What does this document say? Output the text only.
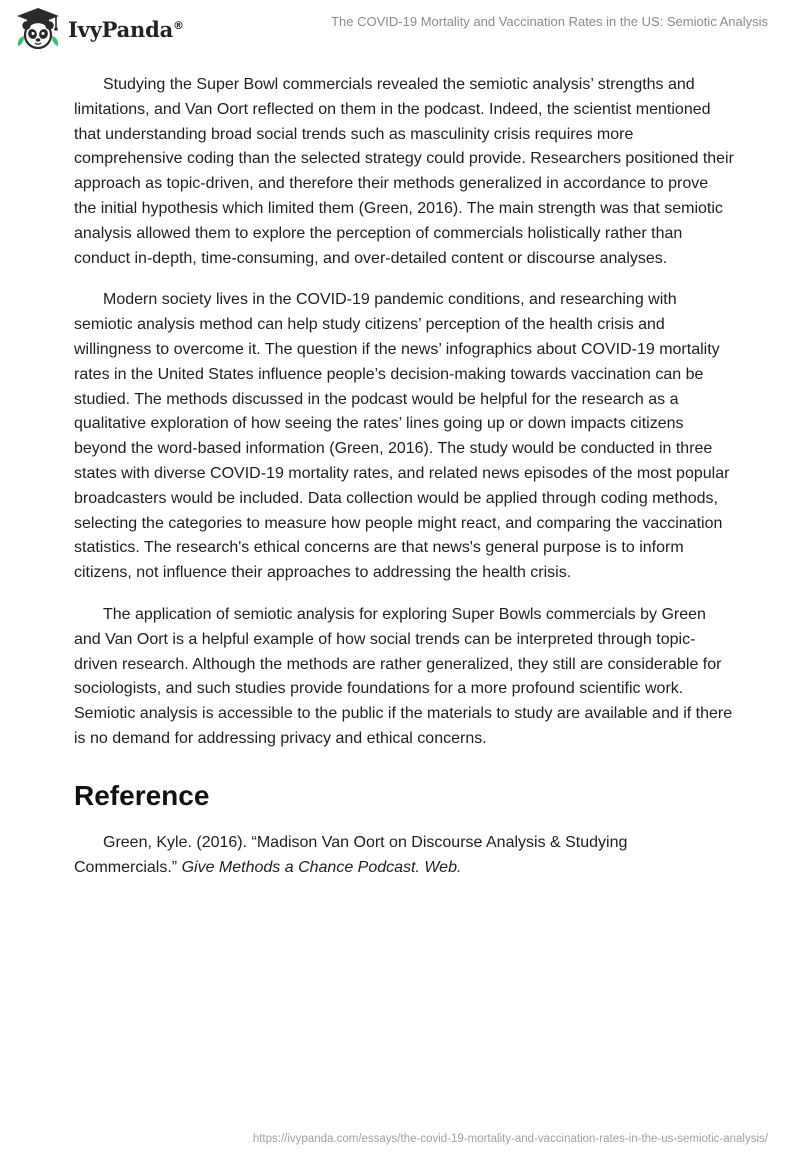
IvyPanda®	The COVID-19 Mortality and Vaccination Rates in the US: Semiotic Analysis

Studying the Super Bowl commercials revealed the semiotic analysis’ strengths and limitations, and Van Oort reflected on them in the podcast. Indeed, the scientist mentioned that understanding broad social trends such as masculinity crisis requires more comprehensive coding than the selected strategy could provide. Researchers positioned their approach as topic-driven, and therefore their methods generalized in accordance to prove the initial hypothesis which limited them (Green, 2016). The main strength was that semiotic analysis allowed them to explore the perception of commercials holistically rather than conduct in-depth, time-consuming, and over-detailed content or discourse analyses.

Modern society lives in the COVID-19 pandemic conditions, and researching with semiotic analysis method can help study citizens’ perception of the health crisis and willingness to overcome it. The question if the news’ infographics about COVID-19 mortality rates in the United States influence people’s decision-making towards vaccination can be studied. The methods discussed in the podcast would be helpful for the research as a qualitative exploration of how seeing the rates’ lines going up or down impacts citizens beyond the word-based information (Green, 2016). The study would be conducted in three states with diverse COVID-19 mortality rates, and related news episodes of the most popular broadcasters would be included. Data collection would be applied through coding methods, selecting the categories to measure how people might react, and comparing the vaccination statistics. The research's ethical concerns are that news's general purpose is to inform citizens, not influence their approaches to addressing the health crisis.

The application of semiotic analysis for exploring Super Bowls commercials by Green and Van Oort is a helpful example of how social trends can be interpreted through topic-driven research. Although the methods are rather generalized, they still are considerable for sociologists, and such studies provide foundations for a more profound scientific work. Semiotic analysis is accessible to the public if the materials to study are available and if there is no demand for addressing privacy and ethical concerns.

Reference

Green, Kyle. (2016). “Madison Van Oort on Discourse Analysis & Studying Commercials.” Give Methods a Chance Podcast. Web.

https://ivypanda.com/essays/the-covid-19-mortality-and-vaccination-rates-in-the-us-semiotic-analysis/
